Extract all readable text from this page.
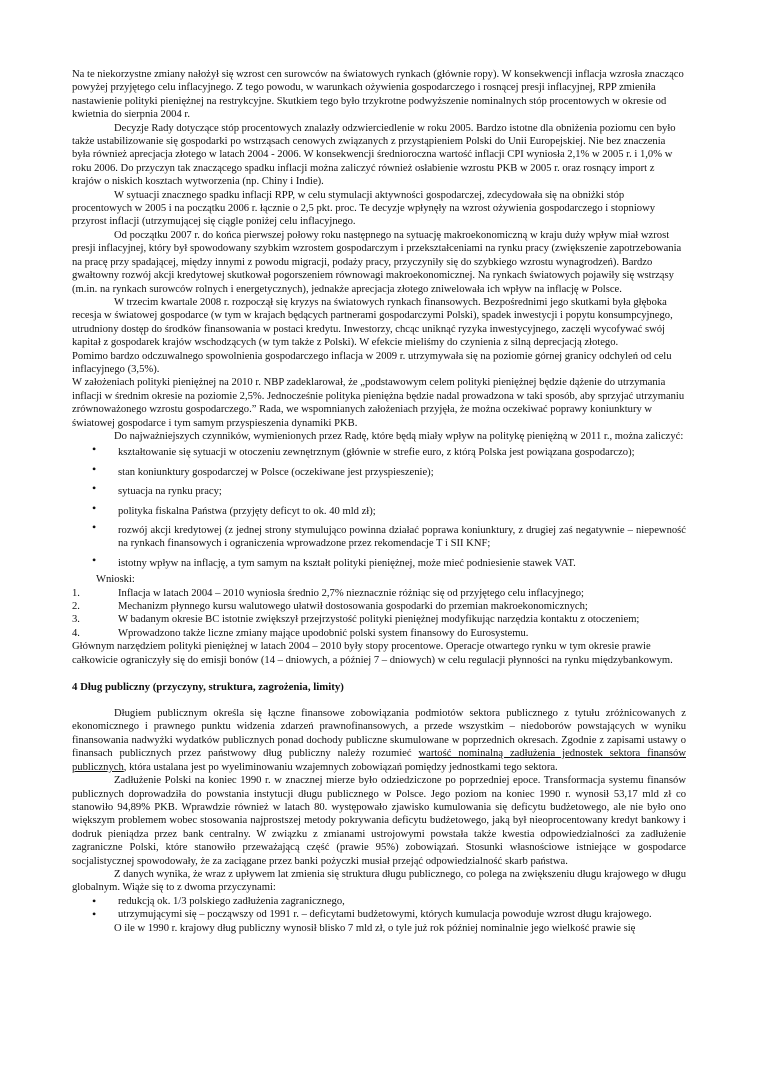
Na te niekorzystne zmiany nałożył się wzrost cen surowców na światowych rynkach (głównie ropy). W konsekwencji inflacja wzrosła znacząco powyżej przyjętego celu inflacyjnego. Z tego powodu, w warunkach ożywienia gospodarczego i rosnącej presji inflacyjnej, RPP zmieniła nastawienie polityki pieniężnej na restrykcyjne. Skutkiem tego było trzykrotne podwyższenie nominalnych stóp procentowych w okresie od kwietnia do sierpnia 2004 r.

Decyzje Rady dotyczące stóp procentowych znalazły odzwierciedlenie w roku 2005. Bardzo istotne dla obniżenia poziomu cen było także ustabilizowanie się gospodarki po wstrząsach cenowych związanych z przystąpieniem Polski do Unii Europejskiej. Nie bez znaczenia była również aprecjacja złotego w latach 2004 - 2006. W konsekwencji średnioroczna wartość inflacji CPI wyniosła 2,1% w 2005 r. i 1,0% w roku 2006. Do przyczyn tak znaczącego spadku inflacji można zaliczyć również osłabienie wzrostu PKB w 2005 r. oraz rosnący import z krajów o niskich kosztach wytworzenia (np. Chiny i Indie).

W sytuacji znacznego spadku inflacji RPP, w celu stymulacji aktywności gospodarczej, zdecydowała się na obniżki stóp procentowych w 2005 i na początku 2006 r. łącznie o 2,5 pkt. proc. Te decyzje wpłynęły na wzrost ożywienia gospodarczego i stopniowy przyrost inflacji (utrzymującej się ciągle poniżej celu inflacyjnego.

Od początku 2007 r. do końca pierwszej połowy roku następnego na sytuację makroekonomiczną w kraju duży wpływ miał wzrost presji inflacyjnej, który był spowodowany szybkim wzrostem gospodarczym i przekształceniami na rynku pracy (zwiększenie zapotrzebowania na pracę przy spadającej, między innymi z powodu migracji, podaży pracy, przyczyniły się do szybkiego wzrostu wynagrodzeń). Bardzo gwałtowny rozwój akcji kredytowej skutkował pogorszeniem równowagi makroekonomicznej. Na rynkach światowych pojawiły się wstrząsy (m.in. na rynkach surowców rolnych i energetycznych), jednakże aprecjacja złotego zniwelowała ich wpływ na inflację w Polsce.

W trzecim kwartale 2008 r. rozpoczął się kryzys na światowych rynkach finansowych. Bezpośrednimi jego skutkami była głęboka recesja w światowej gospodarce (w tym w krajach będących partnerami gospodarczymi Polski), spadek inwestycji i popytu konsumpcyjnego, utrudniony dostęp do środków finansowania w postaci kredytu. Inwestorzy, chcąc uniknąć ryzyka inwestycyjnego, zaczęli wycofywać swój kapitał z gospodarek krajów wschodzących (w tym także z Polski). W efekcie mieliśmy do czynienia z silną deprecjacją złotego.

Pomimo bardzo odczuwalnego spowolnienia gospodarczego inflacja w 2009 r. utrzymywała się na poziomie górnej granicy odchyleń od celu inflacyjnego (3,5%).

W założeniach polityki pieniężnej na 2010 r. NBP zadeklarował, że „podstawowym celem polityki pieniężnej będzie dążenie do utrzymania inflacji w średnim okresie na poziomie 2,5%. Jednocześnie polityka pieniężna będzie nadal prowadzona w taki sposób, aby sprzyjać utrzymaniu zrównoważonego wzrostu gospodarczego.” Rada, we wspomnianych założeniach przyjęła, że można oczekiwać poprawy koniunktury w światowej gospodarce i tym samym przyspieszenia dynamiki PKB.

Do najważniejszych czynników, wymienionych przez Radę, które będą miały wpływ na politykę pieniężną w 2011 r., można zaliczyć:

• kształtowanie się sytuacji w otoczeniu zewnętrznym (głównie w strefie euro, z którą Polska jest powiązana gospodarczo);
• stan koniunktury gospodarczej w Polsce (oczekiwane jest przyspieszenie);
• sytuacja na rynku pracy;
• polityka fiskalna Państwa (przyjęty deficyt to ok. 40 mld zł);
• rozwój akcji kredytowej (z jednej strony stymulująco powinna działać poprawa koniunktury, z drugiej zaś negatywnie – niepewność na rynkach finansowych i ograniczenia wprowadzone przez rekomendacje T i SII KNF;
• istotny wpływ na inflację, a tym samym na kształt polityki pieniężnej, może mieć podniesienie stawek VAT.

Wnioski:

1.	Inflacja w latach 2004 – 2010 wyniosła średnio 2,7% nieznacznie różniąc się od przyjętego celu inflacyjnego;
2.	Mechanizm płynnego kursu walutowego ułatwił dostosowania gospodarki do przemian makroekonomicznych;
3.	W badanym okresie BC istotnie zwiększył przejrzystość polityki pieniężnej modyfikując narzędzia kontaktu z otoczeniem;
4.	Wprowadzono także liczne zmiany mające upodobnić polski system finansowy do Eurosystemu.

Głównym narzędziem polityki pieniężnej w latach 2004 – 2010 były stopy procentowe. Operacje otwartego rynku w tym okresie prawie całkowicie ograniczyły się do emisji bonów (14 – dniowych, a później 7 – dniowych) w celu regulacji płynności na rynku międzybankowym.

4 Dług publiczny (przyczyny, struktura, zagrożenia, limity)

Długiem publicznym określa się łączne finansowe zobowiązania podmiotów sektora publicznego z tytułu zróżnicowanych z ekonomicznego i prawnego punktu widzenia zdarzeń prawnofinansowych, a przede wszystkim – niedoborów powstających w wyniku finansowania nadwyżki wydatków publicznych ponad dochody publiczne skumulowane w poprzednich okresach. Zgodnie z zapisami ustawy o finansach publicznych przez państwowy dług publiczny należy rozumieć wartość nominalną zadłużenia jednostek sektora finansów publicznych, która ustalana jest po wyeliminowaniu wzajemnych zobowiązań pomiędzy jednostkami tego sektora.

Zadłużenie Polski na koniec 1990 r. w znacznej mierze było odziedziczone po poprzedniej epoce. Transformacja systemu finansów publicznych doprowadziła do powstania instytucji długu publicznego w Polsce. Jego poziom na koniec 1990 r. wynosił 53,17 mld zł co stanowiło 94,89% PKB. Wprawdzie również w latach 80. występowało zjawisko kumulowania się deficytu budżetowego, ale nie było ono większym problemem wobec stosowania najprostszej metody pokrywania deficytu budżetowego, jaką był nieoprocentowany kredyt bankowy i dodruk pieniądza przez bank centralny. W związku z zmianami ustrojowymi powstała także kwestia odpowiedzialności za zadłużenie zagraniczne Polski, które stanowiło przeważającą część (prawie 95%) zobowiązań. Stosunki własnościowe istniejące w gospodarce socjalistycznej spowodowały, że za zaciągane przez banki pożyczki musiał przejąć odpowiedzialność skarb państwa.

Z danych wynika, że wraz z upływem lat zmienia się struktura długu publicznego, co polega na zwiększeniu długu krajowego w długu globalnym. Wiąże się to z dwoma przyczynami:

• redukcją ok. 1/3 polskiego zadłużenia zagranicznego,
• utrzymującymi się – począwszy od 1991 r. – deficytami budżetowymi, których kumulacja powoduje wzrost długu krajowego.

O ile w 1990 r. krajowy dług publiczny wynosił blisko 7 mld zł, o tyle już rok później nominalnie jego wielkość prawie się
